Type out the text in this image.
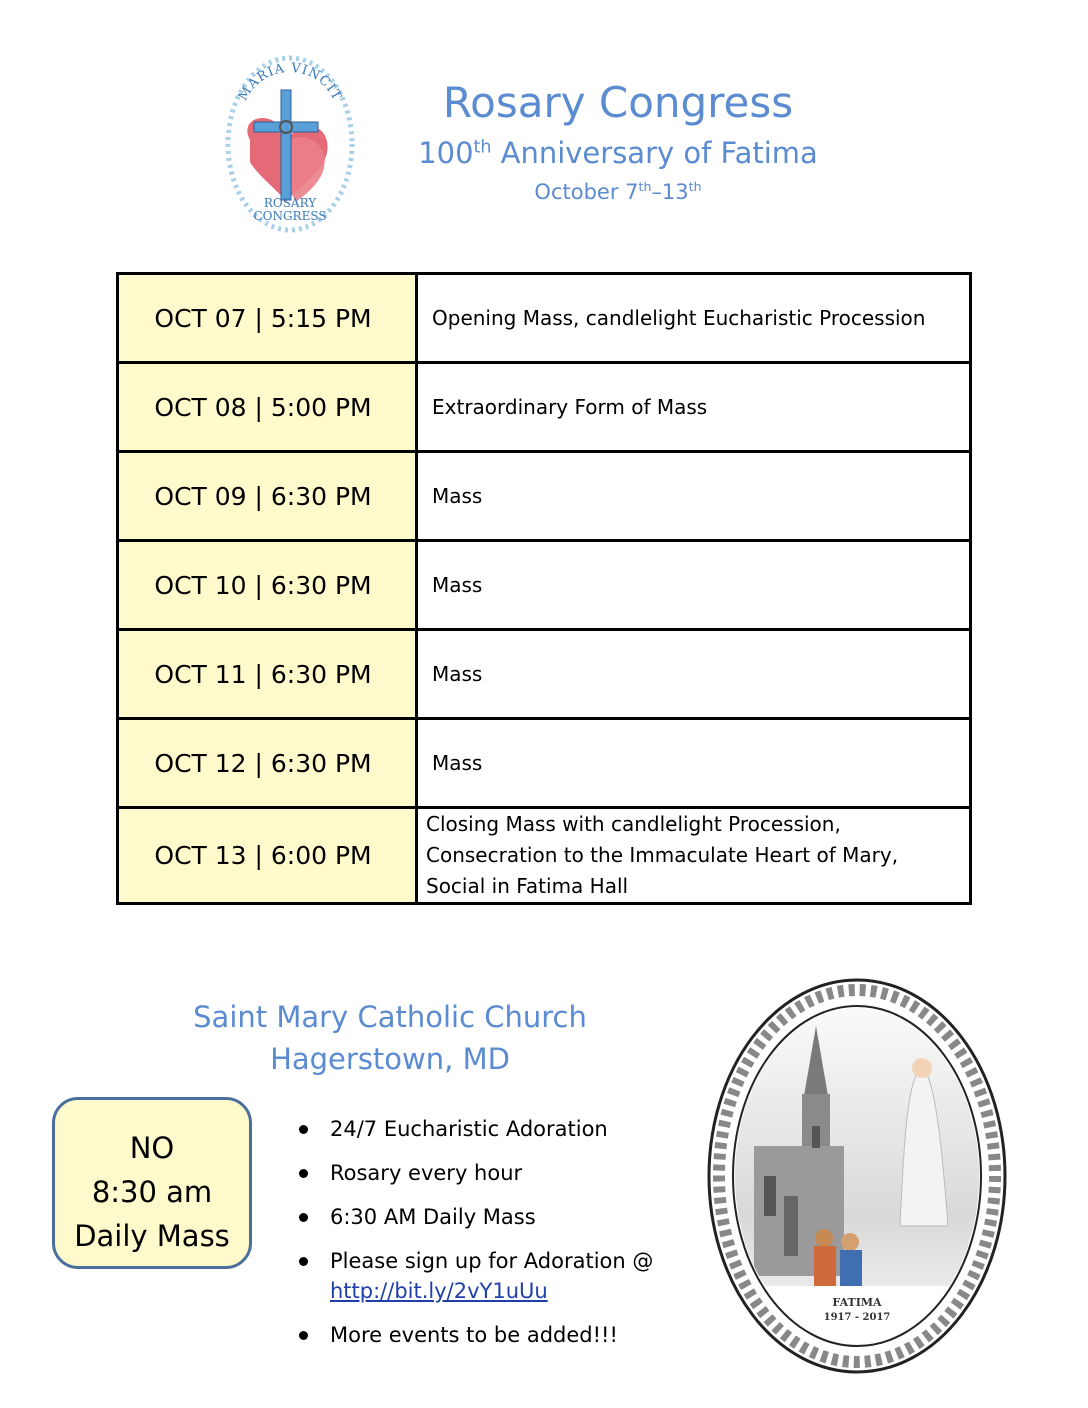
MARIA VINCIT
ROSARY
CONGRESS
Rosary Congress
100th Anniversary of Fatima
October 7th–13th
OCT 07 | 5:15 PM	Opening Mass, candlelight Eucharistic Procession
OCT 08 | 5:00 PM	Extraordinary Form of Mass
OCT 09 | 6:30 PM	Mass
OCT 10 | 6:30 PM	Mass
OCT 11 | 6:30 PM	Mass
OCT 12 | 6:30 PM	Mass
OCT 13 | 6:00 PM	Closing Mass with candlelight Procession,
Consecration to the Immaculate Heart of Mary,
Social in Fatima Hall
Saint Mary Catholic Church
Hagerstown, MD
NO
8:30 am
Daily Mass
24/7 Eucharistic Adoration
Rosary every hour
6:30 AM Daily Mass
Please sign up for Adoration @
http://bit.ly/2vY1uUu
More events to be added!!!
FATIMA
1917 - 2017
